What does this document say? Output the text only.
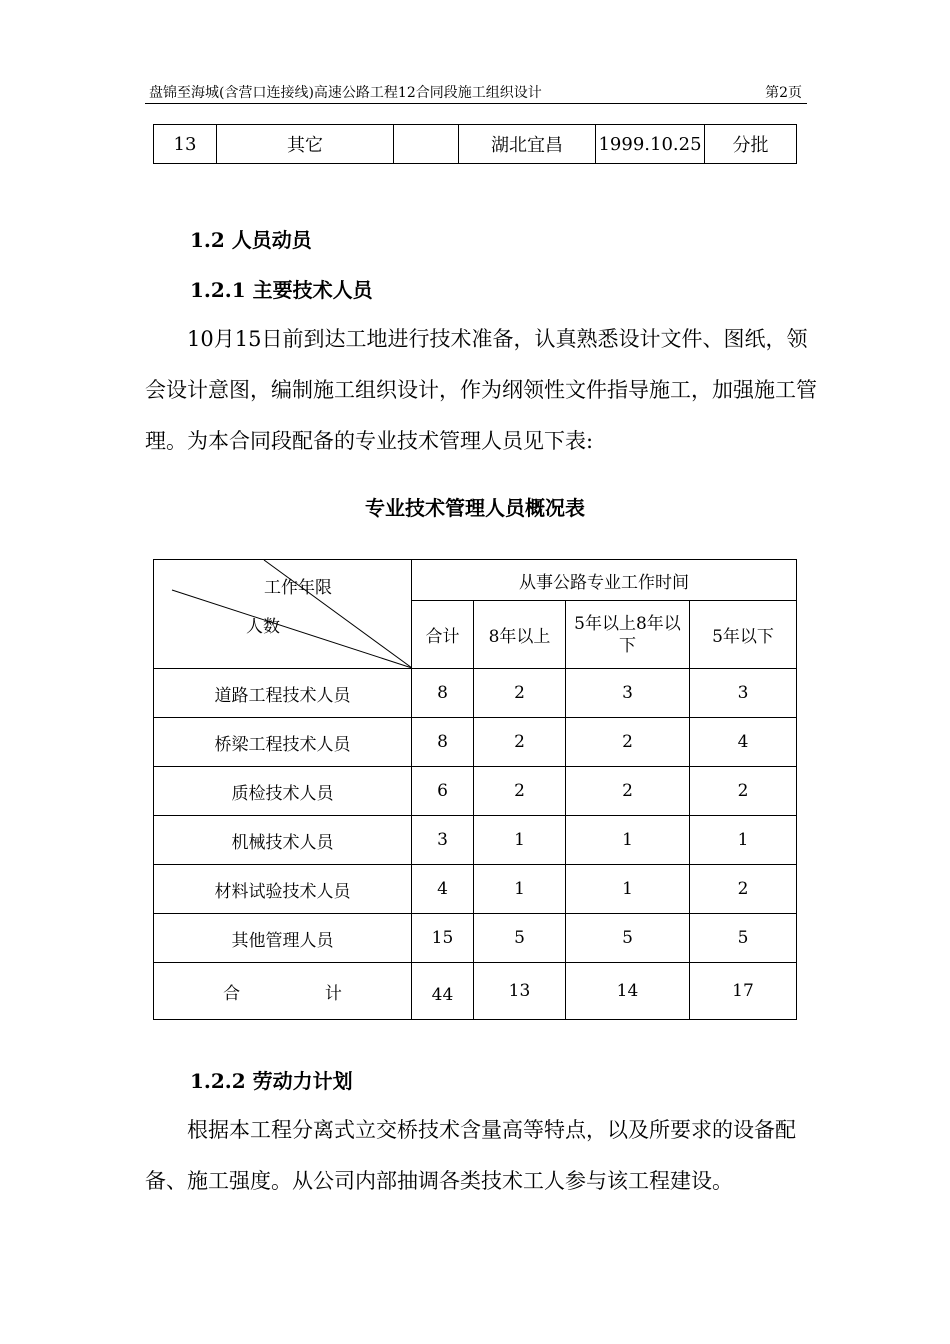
盘锦至海城(含营口连接线)高速公路工程12合同段施工组织设计	第2页
13	其它		湖北宜昌	1999.10.25	分批
1.2 人员动员
1.2.1 主要技术人员
10月15日前到达工地进行技术准备，认真熟悉设计文件、图纸，领会设计意图，编制施工组织设计，作为纲领性文件指导施工，加强施工管理。为本合同段配备的专业技术管理人员见下表:
专业技术管理人员概况表
工作年限
人数	从事公路专业工作时间			
	合计	8年以上	5年以上8年以下	5年以下
道路工程技术人员	8	2	3	3
桥梁工程技术人员	8	2	2	4
质检技术人员	6	2	2	2
机械技术人员	3	1	1	1
材料试验技术人员	4	1	1	2
其他管理人员	15	5	5	5
合 计	44	13	14	17
1.2.2 劳动力计划
根据本工程分离式立交桥技术含量高等特点，以及所要求的设备配备、施工强度。从公司内部抽调各类技术工人参与该工程建设。
